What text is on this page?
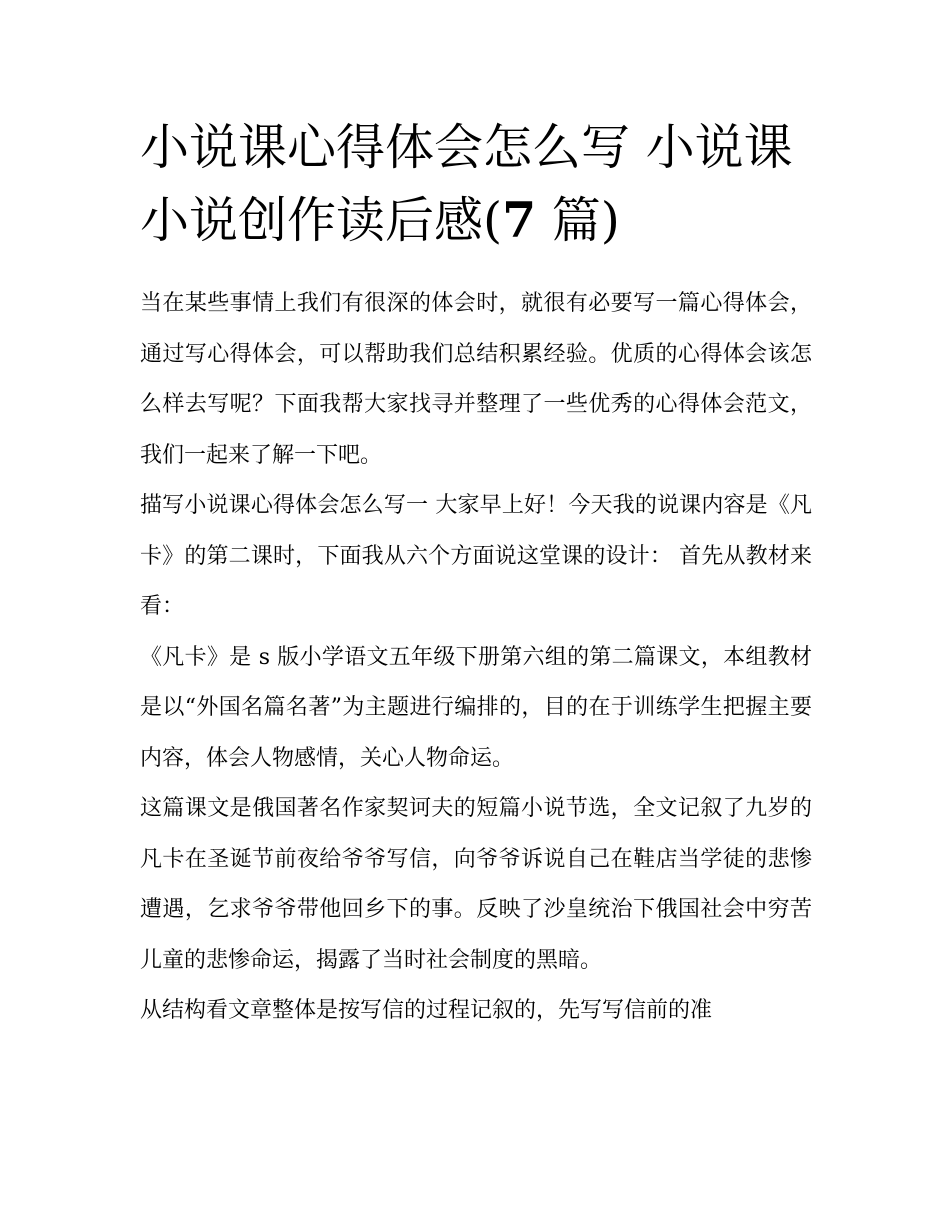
小说课心得体会怎么写 小说课小说创作读后感(7 篇)

当在某些事情上我们有很深的体会时，就很有必要写一篇心得体会，通过写心得体会，可以帮助我们总结积累经验。优质的心得体会该怎么样去写呢？下面我帮大家找寻并整理了一些优秀的心得体会范文，我们一起来了解一下吧。

描写小说课心得体会怎么写一 大家早上好！今天我的说课内容是《凡卡》的第二课时，下面我从六个方面说这堂课的设计： 首先从教材来看：

《凡卡》是 s 版小学语文五年级下册第六组的第二篇课文，本组教材是以“外国名篇名著”为主题进行编排的，目的在于训练学生把握主要内容，体会人物感情，关心人物命运。

这篇课文是俄国著名作家契诃夫的短篇小说节选，全文记叙了九岁的凡卡在圣诞节前夜给爷爷写信，向爷爷诉说自己在鞋店当学徒的悲惨遭遇，乞求爷爷带他回乡下的事。反映了沙皇统治下俄国社会中穷苦儿童的悲惨命运，揭露了当时社会制度的黑暗。

从结构看文章整体是按写信的过程记叙的，先写写信前的准
